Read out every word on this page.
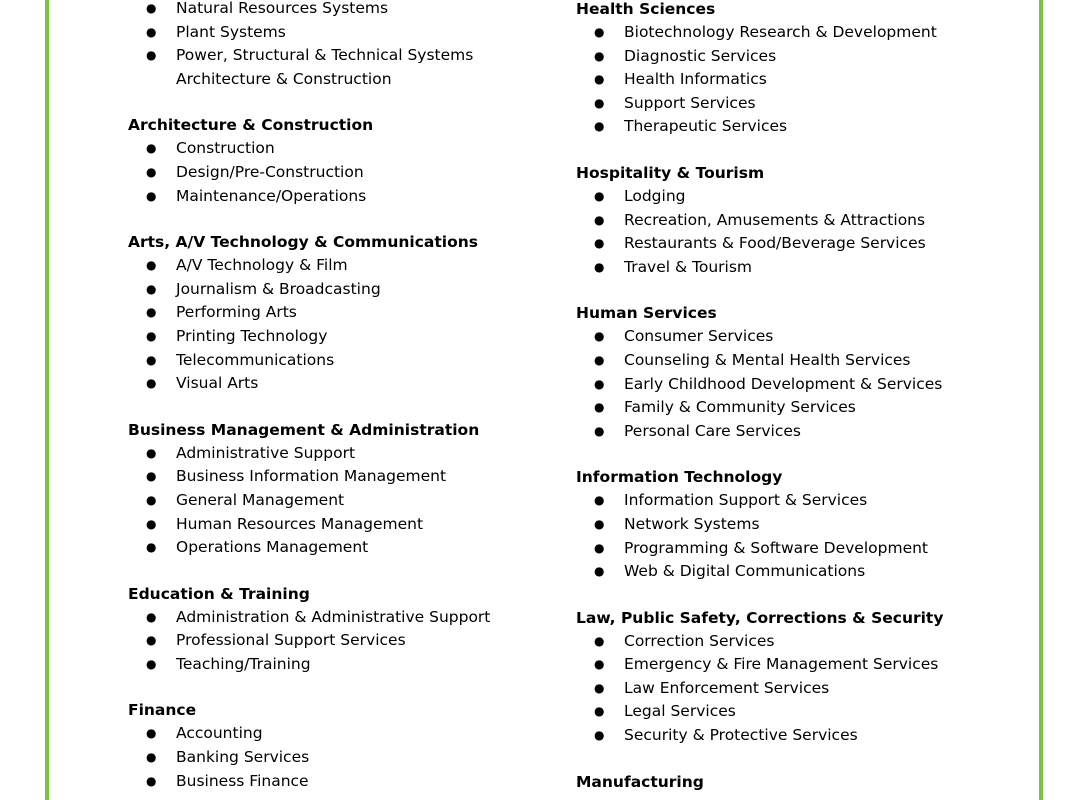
● Natural Resources Systems
● Plant Systems
● Power, Structural & Technical Systems
Architecture & Construction
Architecture & Construction
● Construction
● Design/Pre-Construction
● Maintenance/Operations
Arts, A/V Technology & Communications
● A/V Technology & Film
● Journalism & Broadcasting
● Performing Arts
● Printing Technology
● Telecommunications
● Visual Arts
Business Management & Administration
● Administrative Support
● Business Information Management
● General Management
● Human Resources Management
● Operations Management
Education & Training
● Administration & Administrative Support
● Professional Support Services
● Teaching/Training
Finance
● Accounting
● Banking Services
● Business Finance
Health Sciences
● Biotechnology Research & Development
● Diagnostic Services
● Health Informatics
● Support Services
● Therapeutic Services
Hospitality & Tourism
● Lodging
● Recreation, Amusements & Attractions
● Restaurants & Food/Beverage Services
● Travel & Tourism
Human Services
● Consumer Services
● Counseling & Mental Health Services
● Early Childhood Development & Services
● Family & Community Services
● Personal Care Services
Information Technology
● Information Support & Services
● Network Systems
● Programming & Software Development
● Web & Digital Communications
Law, Public Safety, Corrections & Security
● Correction Services
● Emergency & Fire Management Services
● Law Enforcement Services
● Legal Services
● Security & Protective Services
Manufacturing
